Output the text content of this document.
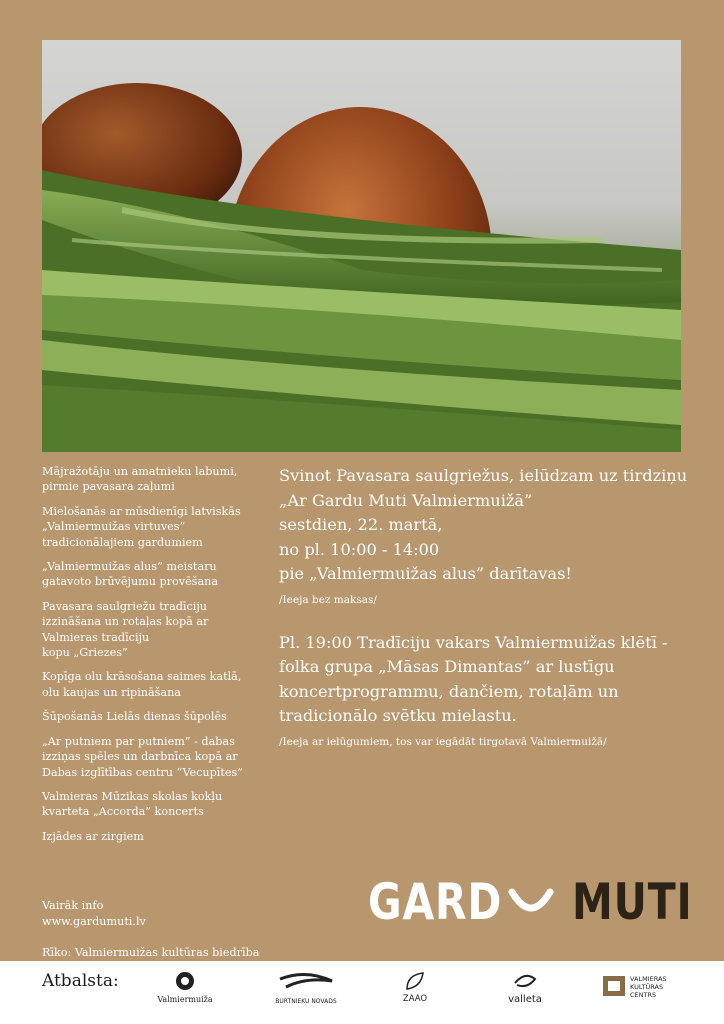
Mājražotāju un amatnieku labumi,
pirmie pavasara zaļumi
Mielošanās ar mūsdienīgi latviskās
„Valmiermuižas virtuves”
tradicionālajiem gardumiem
„Valmiermuižas alus” meistaru
gatavoto brūvējumu provēšana
Pavasara saulgriežu tradīciju
izzināšana un rotaļas kopā ar
Valmieras tradīciju
kopu „Griezes”
Kopīga olu krāsošana saimes katlā,
olu kaujas un ripināšana
Šūpošanās Lielās dienas šūpolēs
„Ar putniem par putniem” - dabas
izziņas spēles un darbnīca kopā ar
Dabas izglītības centru “Vecupītes”
Valmieras Mūzikas skolas kokļu
kvarteta „Accorda” koncerts
Izjādes ar zirgiem
Svinot Pavasara saulgriežus, ielūdzam uz tirdziņu
„Ar Gardu Muti Valmiermuižā”
sestdien, 22. martā,
no pl. 10:00 - 14:00
pie „Valmiermuižas alus” darītavas!
/Ieeja bez maksas/
Pl. 19:00 Tradīciju vakars Valmiermuižas klētī -
folka grupa „Māsas Dimantas” ar lustīgu
koncertprogrammu, dančiem, rotaļām un
tradicionālo svētku mielastu.
/Ieeja ar ielūgumiem, tos var iegādāt tirgotavā Valmiermuižā/
Vairāk info
www.gardumuti.lv
Rīko: Valmiermuižas kultūras biedrība
GARD MUTI
Atbalsta:
Valmiermuiža	BURTNIEKU NOVADS	ZAAO	valleta
VALMIERAS KULTŪRAS CENTRS
